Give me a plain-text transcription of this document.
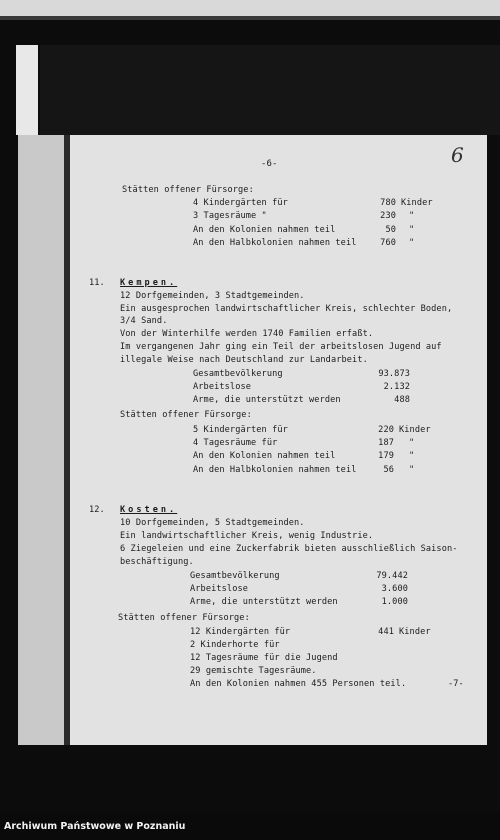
-6-	6
Stätten offener Fürsorge:
4 Kindergärten für	780 Kinder
3 Tagesräume "	230 "
An den Kolonien nahmen teil	50 "
An den Halbkolonien nahmen teil	760 "
11. Kempen.
12 Dorfgemeinden, 3 Stadtgemeinden.
Ein ausgesprochen landwirtschaftlicher Kreis, schlechter Boden,
3/4 Sand.
Von der Winterhilfe werden 1740 Familien erfaßt.
Im vergangenen Jahr ging ein Teil der arbeitslosen Jugend auf
illegale Weise nach Deutschland zur Landarbeit.
Gesamtbevölkerung	93.873
Arbeitslose	2.132
Arme, die unterstützt werden	488
Stätten offener Fürsorge:
5 Kindergärten für	220 Kinder
4 Tagesräume für	187 "
An den Kolonien nahmen teil	179 "
An den Halbkolonien nahmen teil	56 "
12. Kosten.
10 Dorfgemeinden, 5 Stadtgemeinden.
Ein landwirtschaftlicher Kreis, wenig Industrie.
6 Ziegeleien und eine Zuckerfabrik bieten ausschließlich Saison-
beschäftigung.
Gesamtbevölkerung	79.442
Arbeitslose	3.600
Arme, die unterstützt werden	1.000
Stätten offener Fürsorge:
12 Kindergärten für	441 Kinder
2 Kinderhorte für
12 Tagesräume für die Jugend
29 gemischte Tagesräume.
An den Kolonien nahmen 455 Personen teil.	-7-
Archiwum Państwowe w Poznaniu
